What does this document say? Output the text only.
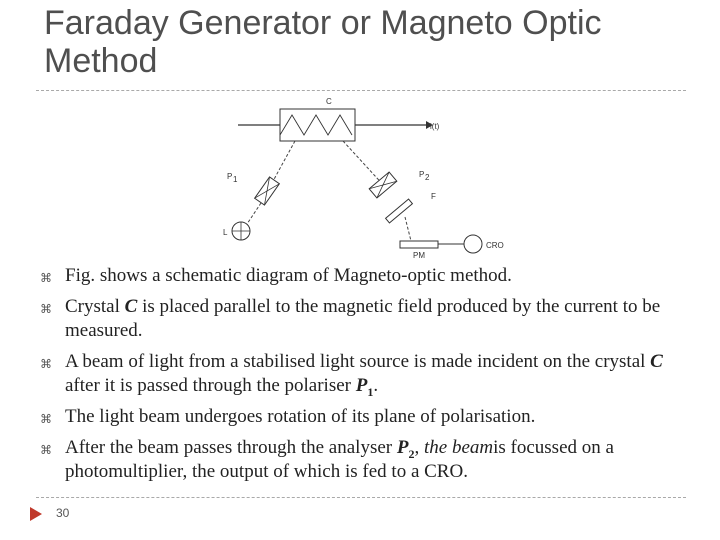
Faraday Generator or Magneto Optic Method
i(t)
C
P 1
L
P 2
F
PM
CRO
⌘ Fig. shows a schematic diagram of Magneto-optic method.
⌘ Crystal C is placed parallel to the magnetic field produced by the current to be measured.
⌘ A beam of light from a stabilised light source is made incident on the crystal C after it is passed through the polariser $P_1$.
⌘ The light beam undergoes rotation of its plane of polarisation.
⌘ After the beam passes through the analyser $P_2$, the beamis focussed on a photomultiplier, the output of which is fed to a CRO.
30
